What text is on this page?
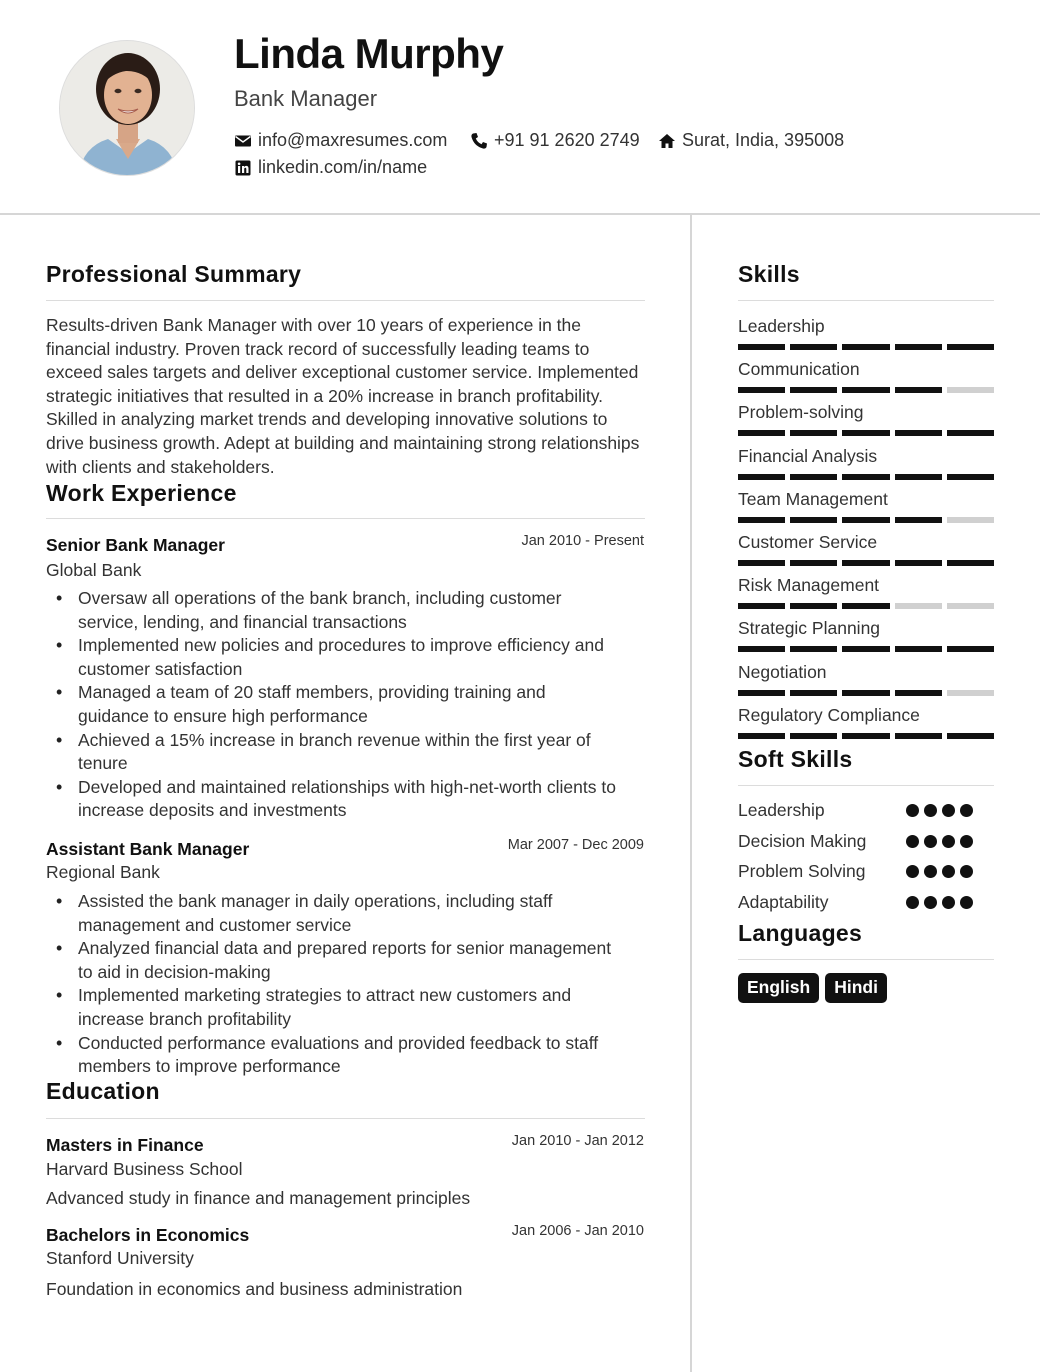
Linda Murphy
Bank Manager
info@maxresumes.com	+91 91 2620 2749 Surat, India, 395008
linkedin.com/in/name
Professional Summary
Results-driven Bank Manager with over 10 years of experience in the financial industry. Proven track record of successfully leading teams to exceed sales targets and deliver exceptional customer service. Implemented strategic initiatives that resulted in a 20% increase in branch profitability. Skilled in analyzing market trends and developing innovative solutions to drive business growth. Adept at building and maintaining strong relationships with clients and stakeholders.
Work Experience
Senior Bank Manager	Jan 2010 - Present
Global Bank
• Oversaw all operations of the bank branch, including customer service, lending, and financial transactions
• Implemented new policies and procedures to improve efficiency and customer satisfaction
• Managed a team of 20 staff members, providing training and guidance to ensure high performance
• Achieved a 15% increase in branch revenue within the first year of tenure
• Developed and maintained relationships with high-net-worth clients to increase deposits and investments
Assistant Bank Manager	Mar 2007 - Dec 2009
Regional Bank
• Assisted the bank manager in daily operations, including staff management and customer service
• Analyzed financial data and prepared reports for senior management to aid in decision-making
• Implemented marketing strategies to attract new customers and increase branch profitability
• Conducted performance evaluations and provided feedback to staff members to improve performance
Education
Masters in Finance	Jan 2010 - Jan 2012
Harvard Business School
Advanced study in finance and management principles
Bachelors in Economics	Jan 2006 - Jan 2010
Stanford University
Foundation in economics and business administration
Skills
Leadership
Communication
Problem-solving
Financial Analysis
Team Management
Customer Service
Risk Management
Strategic Planning
Negotiation
Regulatory Compliance
Soft Skills
Leadership
Decision Making
Problem Solving
Adaptability
Languages
English	Hindi
